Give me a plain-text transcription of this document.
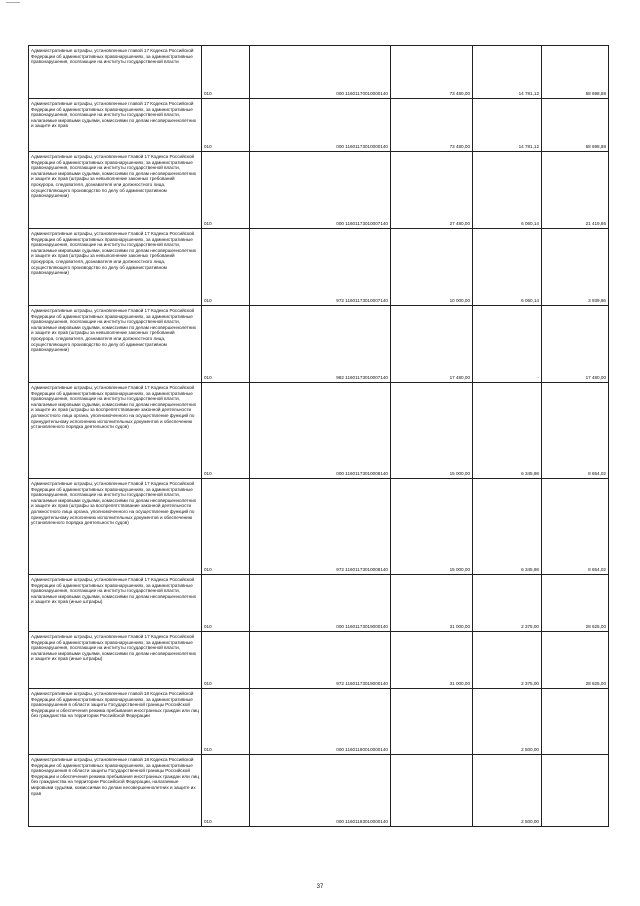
Административные штрафы, установленные главой 17 Кодекса Российской Федерации об административных правонарушениях, за административные правонарушения, посягающие на институты государственной власти	010	000 11601170010000140	73 480,00	14 781,12	58 698,88
Административные штрафы, установленные главой 17 Кодекса Российской Федерации об административных правонарушениях, за административные правонарушения, посягающие на институты государственной власти, налагаемые мировыми судьями, комиссиями по делам несовершеннолетних и защите их прав	010	000 11601173010000140	73 480,00	14 781,12	58 698,88
Административные штрафы, установленные Главой 17 Кодекса Российской Федерации об административных правонарушениях, за административные правонарушения, посягающие на институты государственной власти, налагаемые мировыми судьями, комиссиями по делам несовершеннолетних и защите их прав (штрафы за невыполнение законных требований прокурора, следователя, дознавателя или должностного лица, осуществляющего производство по делу об административном правонарушении)	010	000 11601173010007140	27 480,00	6 060,14	21 419,86
Административные штрафы, установленные Главой 17 Кодекса Российской Федерации об административных правонарушениях, за административные правонарушения, посягающие на институты государственной власти, налагаемые мировыми судьями, комиссиями по делам несовершеннолетних и защите их прав (штрафы за невыполнение законных требований прокурора, следователя, дознавателя или должностного лица, осуществляющего производство по делу об административном правонарушении)	010	972 11601173010007140	10 000,00	6 060,14	3 939,86
Административные штрафы, установленные Главой 17 Кодекса Российской Федерации об административных правонарушениях, за административные правонарушения, посягающие на институты государственной власти, налагаемые мировыми судьями, комиссиями по делам несовершеннолетних и защите их прав (штрафы за невыполнение законных требований прокурора, следователя, дознавателя или должностного лица, осуществляющего производство по делу об административном правонарушении)	010	982 11601173010007140	17 480,00	-	17 480,00
Административные штрафы, установленные Главой 17 Кодекса Российской Федерации об административных правонарушениях, за административные правонарушения, посягающие на институты государственной власти, налагаемые мировыми судьями, комиссиями по делам несовершеннолетних и защите их прав (штрафы за воспрепятствование законной деятельности должностного лица органа, уполномоченного на осуществление функций по принудительному исполнению исполнительных документов и обеспечению установленного порядка деятельности судов)	010	000 11601173010008140	15 000,00	6 345,98	8 654,02
Административные штрафы, установленные Главой 17 Кодекса Российской Федерации об административных правонарушениях, за административные правонарушения, посягающие на институты государственной власти, налагаемые мировыми судьями, комиссиями по делам несовершеннолетних и защите их прав (штрафы за воспрепятствование законной деятельности должностного лица органа, уполномоченного на осуществление функций по принудительному исполнению исполнительных документов и обеспечению установленного порядка деятельности судов)	010	972 11601173010008140	15 000,00	6 345,98	8 654,02
Административные штрафы, установленные Главой 17 Кодекса Российской Федерации об административных правонарушениях, за административные правонарушения, посягающие на институты государственной власти, налагаемые мировыми судьями, комиссиями по делам несовершеннолетних и защите их прав (иные штрафы)	010	000 11601173019000140	31 000,00	2 375,00	28 625,00
Административные штрафы, установленные Главой 17 Кодекса Российской Федерации об административных правонарушениях, за административные правонарушения, посягающие на институты государственной власти, налагаемые мировыми судьями, комиссиями по делам несовершеннолетних и защите их прав (иные штрафы)	010	972 11601173019000140	31 000,00	2 375,00	28 625,00
Административные штрафы, установленные главой 18 Кодекса Российской Федерации об административных правонарушениях, за административные правонарушения в области защиты Государственной границы Российской Федерации и обеспечения режима пребывания иностранных граждан или лиц без гражданства на территории Российской Федерации	010	000 11601180010000140		2 500,00	
Административные штрафы, установленные главой 18 Кодекса Российской Федерации об административных правонарушениях, за административные правонарушения в области защиты Государственной границы Российской Федерации и обеспечения режима пребывания иностранных граждан или лиц без гражданства на территории Российской Федерации, налагаемые мировыми судьями, комиссиями по делам несовершеннолетних и защите их прав	010	000 11601183010000140		2 500,00	
37
